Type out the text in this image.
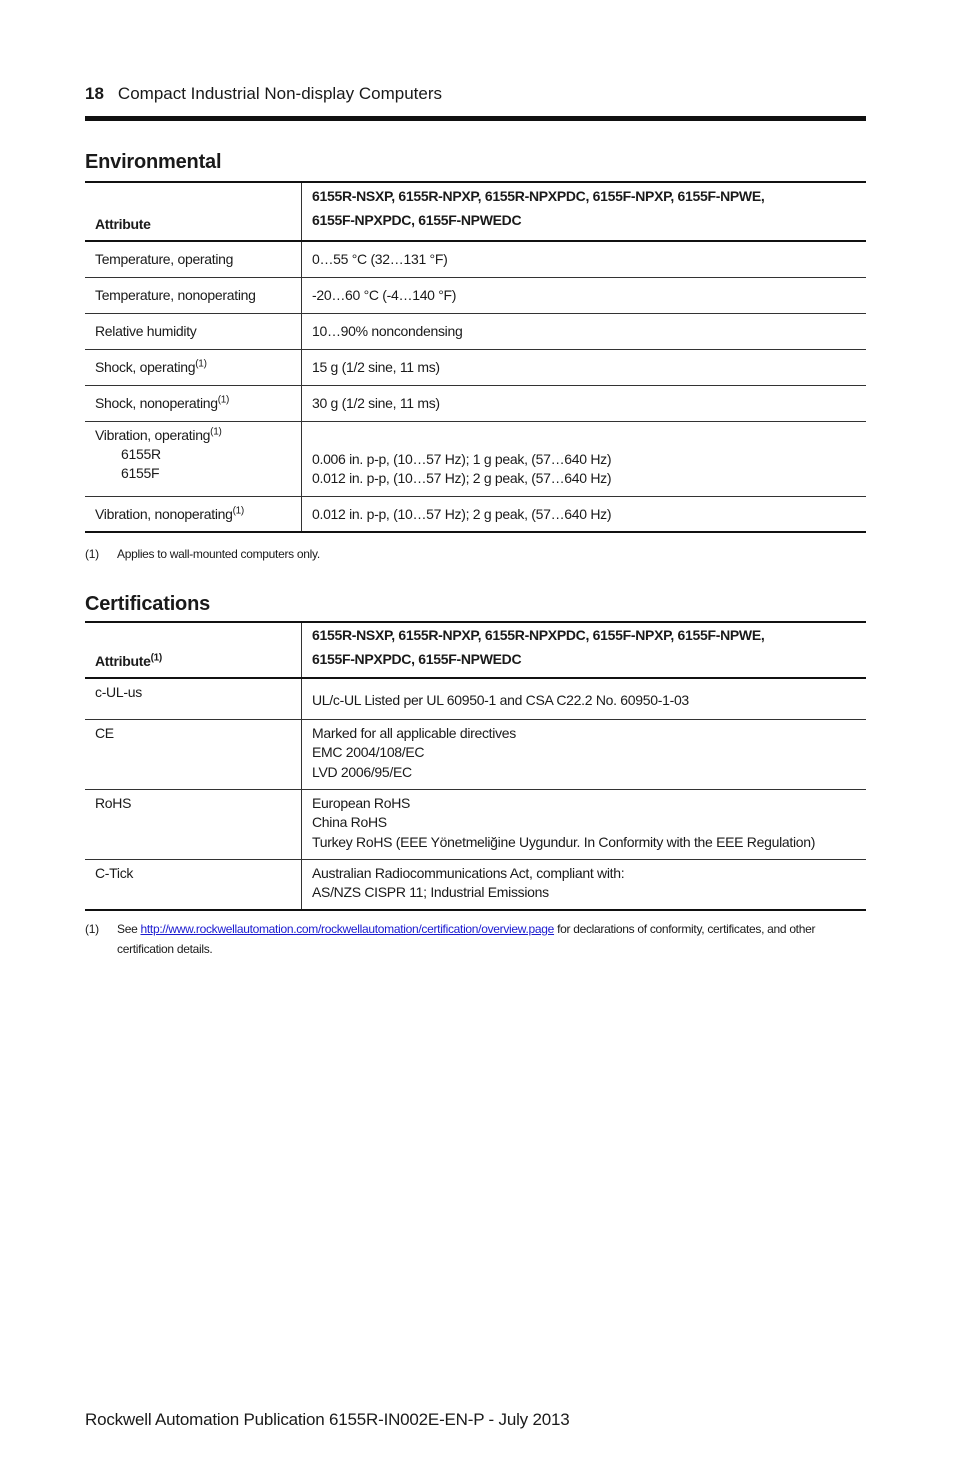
18 Compact Industrial Non-display Computers
Environmental
Attribute	6155R-NSXP, 6155R-NPXP, 6155R-NPXPDC, 6155F-NPXP, 6155F-NPWE,
6155F-NPXPDC, 6155F-NPWEDC

Temperature, operating	0…55 °C (32…131 °F)
Temperature, nonoperating	-20…60 °C (-4…140 °F)
Relative humidity	10…90% noncondensing
Shock, operating$^{(1)}$	15 g (1/2 sine, 11 ms)
Shock, nonoperating$^{(1)}$	30 g (1/2 sine, 11 ms)
Vibration, operating$^{(1)}$
6155R
6155F	0.006 in. p-p, (10…57 Hz); 1 g peak, (57…640 Hz)
0.012 in. p-p, (10…57 Hz); 2 g peak, (57…640 Hz)

Vibration, nonoperating$^{(1)}$	0.012 in. p-p, (10…57 Hz); 2 g peak, (57…640 Hz)
(1) Applies to wall-mounted computers only.
Certifications
Attribute$^{(1)}$	6155R-NSXP, 6155R-NPXP, 6155R-NPXPDC, 6155F-NPXP, 6155F-NPWE,
6155F-NPXPDC, 6155F-NPWEDC

c-UL-us	UL/c-UL Listed per UL 60950-1 and CSA C22.2 No. 60950-1-03

CE	Marked for all applicable directives
EMC 2004/108/EC
LVD 2006/95/EC

RoHS	European RoHS
China RoHS
Turkey RoHS (EEE Yönetmeliğine Uygundur. In Conformity with the EEE Regulation)

C-Tick	Australian Radiocommunications Act, compliant with:
AS/NZS CISPR 11; Industrial Emissions
(1) See http://www.rockwellautomation.com/rockwellautomation/certification/overview.page for declarations of conformity, certificates, and other certification details.
Rockwell Automation Publication 6155R-IN002E-EN-P - July 2013
